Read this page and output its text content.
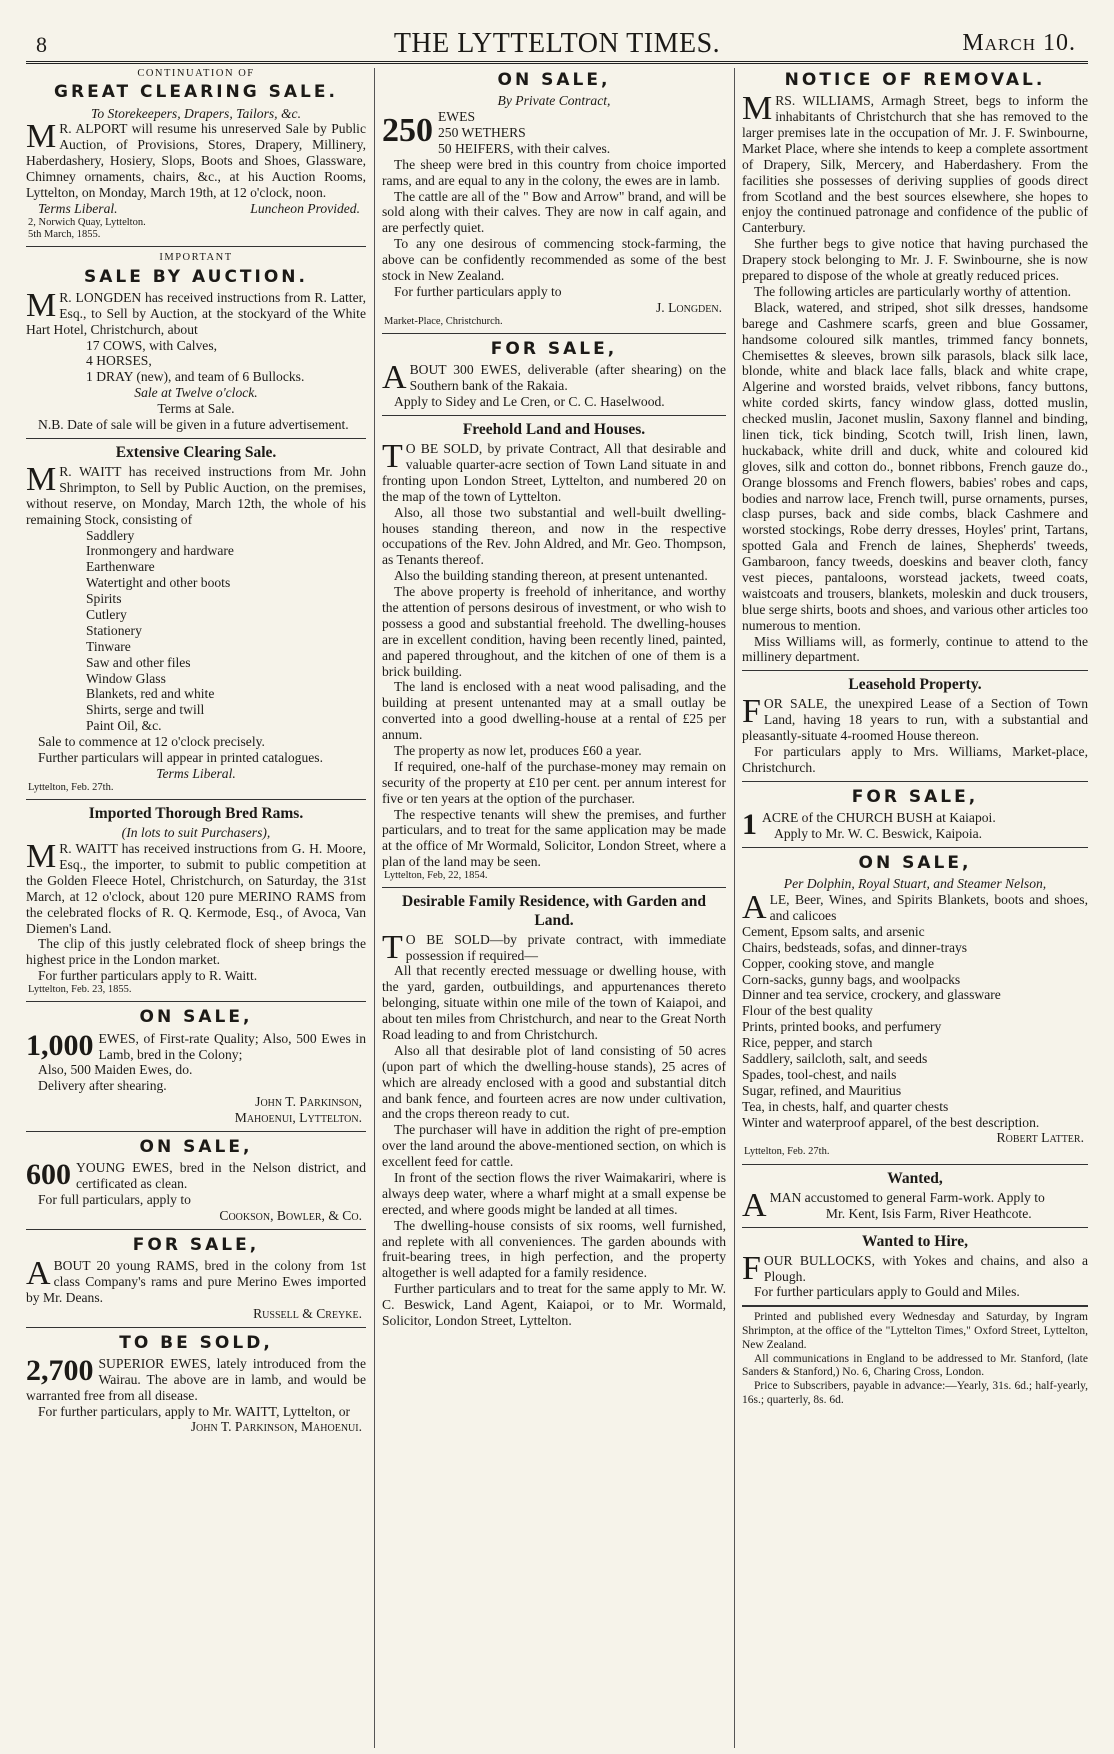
8	THE LYTTELTON TIMES.	March 10.
CONTINUATION OF
GREAT CLEARING SALE.
To Storekeepers, Drapers, Tailors, &c.

M R. ALPORT will resume his unreserved Sale by Public Auction, of Provisions, Stores, Drapery, Millinery, Haberdashery, Hosiery, Slops, Boots and Shoes, Glassware, Chimney ornaments, chairs, &c., at his Auction Rooms, Lyttelton, on Monday, March 19th, at 12 o'clock, noon.

Terms Liberal.	Luncheon Provided.
2, Norwich Quay, Lyttelton.
5th March, 1855.
IMPORTANT
SALE BY AUCTION.

M R. LONGDEN has received instructions from R. Latter, Esq., to Sell by Auction, at the stockyard of the White Hart Hotel, Christchurch, about

17 COWS, with Calves,
4 HORSES,
1 DRAY (new), and team of 6 Bullocks.
Sale at Twelve o'clock.
Terms at Sale.

N.B. Date of sale will be given in a future advertisement.

Extensive Clearing Sale.

M R. WAITT has received instructions from Mr. John Shrimpton, to Sell by Public Auction, on the premises, without reserve, on Monday, March 12th, the whole of his remaining Stock, consisting of

Saddlery
Ironmongery and hardware
Earthenware
Watertight and other boots
Spirits
Cutlery
Stationery
Tinware
Saw and other files
Window Glass
Blankets, red and white
Shirts, serge and twill
Paint Oil, &c.

Sale to commence at 12 o'clock precisely.

Further particulars will appear in printed catalogues.

Terms Liberal.
Lyttelton, Feb. 27th.
Imported Thorough Bred Rams.
(In lots to suit Purchasers),

M R. WAITT has received instructions from G. H. Moore, Esq., the importer, to submit to public competition at the Golden Fleece Hotel, Christchurch, on Saturday, the 31st March, at 12 o'clock, about 120 pure MERINO RAMS from the celebrated flocks of R. Q. Kermode, Esq., of Avoca, Van Diemen's Land.

The clip of this justly celebrated flock of sheep brings the highest price in the London market.

For further particulars apply to R. Waitt.

Lyttelton, Feb. 23, 1855.
ON SALE,

1,000 EWES, of First-rate Quality; Also, 500 Ewes in Lamb, bred in the Colony;

Also, 500 Maiden Ewes, do.

Delivery after shearing.

John T. Parkinson,
Mahoenui, Lyttelton.
ON SALE,

600 YOUNG EWES, bred in the Nelson district, and certificated as clean.

For full particulars, apply to

Cookson, Bowler, & Co.
FOR SALE,

ABOUT 20 young RAMS, bred in the colony from 1st class Company's rams and pure Merino Ewes imported by Mr. Deans.

Russell & Creyke.
TO BE SOLD,

2,700 SUPERIOR EWES, lately introduced from the Wairau. The above are in lamb, and would be warranted free from all disease.

For further particulars, apply to Mr. WAITT, Lyttelton, or

John T. Parkinson, Mahoenui.
ON SALE,
By Private Contract,
250 EWES
250 WETHERS
50 HEIFERS, with their calves.

The sheep were bred in this country from choice imported rams, and are equal to any in the colony, the ewes are in lamb.

The cattle are all of the " Bow and Arrow" brand, and will be sold along with their calves. They are now in calf again, and are perfectly quiet.

To any one desirous of commencing stock-farming, the above can be confidently recommended as some of the best stock in New Zealand.

For further particulars apply to

J. Longden.
Market-Place, Christchurch.
FOR SALE,

ABOUT 300 EWES, deliverable (after shearing) on the Southern bank of the Rakaia.

Apply to Sidey and Le Cren, or C. C. Haselwood.

Freehold Land and Houses.

T O BE SOLD, by private Contract, All that desirable and valuable quarter-acre section of Town Land situate in and fronting upon London Street, Lyttelton, and numbered 20 on the map of the town of Lyttelton.

Also, all those two substantial and well-built dwelling-houses standing thereon, and now in the respective occupations of the Rev. John Aldred, and Mr. Geo. Thompson, as Tenants thereof.

Also the building standing thereon, at present untenanted.

The above property is freehold of inheritance, and worthy the attention of persons desirous of investment, or who wish to possess a good and substantial freehold. The dwelling-houses are in excellent condition, having been recently lined, painted, and papered throughout, and the kitchen of one of them is a brick building.

The land is enclosed with a neat wood palisading, and the building at present untenanted may at a small outlay be converted into a good dwelling-house at a rental of £25 per annum.

The property as now let, produces £60 a year.

If required, one-half of the purchase-money may remain on security of the property at £10 per cent. per annum interest for five or ten years at the option of the purchaser.

The respective tenants will shew the premises, and further particulars, and to treat for the same application may be made at the office of Mr Wormald, Solicitor, London Street, where a plan of the land may be seen.

Lyttelton, Feb, 22, 1854.
Desirable Family Residence, with Garden and Land.

T O BE SOLD—by private contract, with immediate possession if required—

All that recently erected messuage or dwelling house, with the yard, garden, outbuildings, and appurtenances thereto belonging, situate within one mile of the town of Kaiapoi, and about ten miles from Christchurch, and near to the Great North Road leading to and from Christchurch.

Also all that desirable plot of land consisting of 50 acres (upon part of which the dwelling-house stands), 25 acres of which are already enclosed with a good and substantial ditch and bank fence, and fourteen acres are now under cultivation, and the crops thereon ready to cut.

The purchaser will have in addition the right of pre-emption over the land around the above-mentioned section, on which is excellent feed for cattle.

In front of the section flows the river Waimakariri, where is always deep water, where a wharf might at a small expense be erected, and where goods might be landed at all times.

The dwelling-house consists of six rooms, well furnished, and replete with all conveniences. The garden abounds with fruit-bearing trees, in high perfection, and the property altogether is well adapted for a family residence.

Further particulars and to treat for the same apply to Mr. W. C. Beswick, Land Agent, Kaiapoi, or to Mr. Wormald, Solicitor, London Street, Lyttelton.

NOTICE OF REMOVAL.

MRS. WILLIAMS, Armagh Street, begs to inform the inhabitants of Christchurch that she has removed to the larger premises late in the occupation of Mr. J. F. Swinbourne, Market Place, where she intends to keep a complete assortment of Drapery, Silk, Mercery, and Haberdashery. From the facilities she possesses of deriving supplies of goods direct from Scotland and the best sources elsewhere, she hopes to enjoy the continued patronage and confidence of the public of Canterbury.

She further begs to give notice that having purchased the Drapery stock belonging to Mr. J. F. Swinbourne, she is now prepared to dispose of the whole at greatly reduced prices.

The following articles are particularly worthy of attention.

Black, watered, and striped, shot silk dresses, handsome barege and Cashmere scarfs, green and blue Gossamer, handsome coloured silk mantles, trimmed fancy bonnets, Chemisettes & sleeves, brown silk parasols, black silk lace, blonde, white and black lace falls, black and white crape, Algerine and worsted braids, velvet ribbons, fancy buttons, white corded skirts, fancy window glass, dotted muslin, checked muslin, Jaconet muslin, Saxony flannel and binding, linen tick, tick binding, Scotch twill, Irish linen, lawn, huckaback, white drill and duck, white and coloured kid gloves, silk and cotton do., bonnet ribbons, French gauze do., Orange blossoms and French flowers, babies' robes and caps, bodies and narrow lace, French twill, purse ornaments, purses, clasp purses, back and side combs, black Cashmere and worsted stockings, Robe derry dresses, Hoyles' print, Tartans, spotted Gala and French de laines, Shepherds' tweeds, Gambaroon, fancy tweeds, doeskins and beaver cloth, fancy vest pieces, pantaloons, worstead jackets, tweed coats, waistcoats and trousers, blankets, moleskin and duck trousers, blue serge shirts, boots and shoes, and various other articles too numerous to mention.

Miss Williams will, as formerly, continue to attend to the millinery department.

Leasehold Property.

FOR SALE, the unexpired Lease of a Section of Town Land, having 18 years to run, with a substantial and pleasantly-situate 4-roomed House thereon.

For particulars apply to Mrs. Williams, Market-place, Christchurch.

FOR SALE,

1 ACRE of the CHURCH BUSH at Kaiapoi.

Apply to Mr. W. C. Beswick, Kaipoia.

ON SALE,
Per Dolphin, Royal Stuart, and Steamer Nelson,

ALE, Beer, Wines, and Spirits Blankets, boots and shoes, and calicoes

Cement, Epsom salts, and arsenic
Chairs, bedsteads, sofas, and dinner-trays
Copper, cooking stove, and mangle
Corn-sacks, gunny bags, and woolpacks
Dinner and tea service, crockery, and glassware
Flour of the best quality
Prints, printed books, and perfumery
Rice, pepper, and starch
Saddlery, sailcloth, salt, and seeds
Spades, tool-chest, and nails
Sugar, refined, and Mauritius
Tea, in chests, half, and quarter chests
Winter and waterproof apparel, of the best description.
Robert Latter.
Lyttelton, Feb. 27th.
Wanted,

AMAN accustomed to general Farm-work. Apply to

Mr. Kent, Isis Farm, River Heathcote.
Wanted to Hire,

FOUR BULLOCKS, with Yokes and chains, and also a Plough.

For further particulars apply to Gould and Miles.

Printed and published every Wednesday and Saturday, by Ingram Shrimpton, at the office of the "Lyttelton Times," Oxford Street, Lyttelton, New Zealand.

All communications in England to be addressed to Mr. Stanford, (late Sanders & Stanford,) No. 6, Charing Cross, London.

Price to Subscribers, payable in advance:—Yearly, 31s. 6d.; half-yearly, 16s.; quarterly, 8s. 6d.
